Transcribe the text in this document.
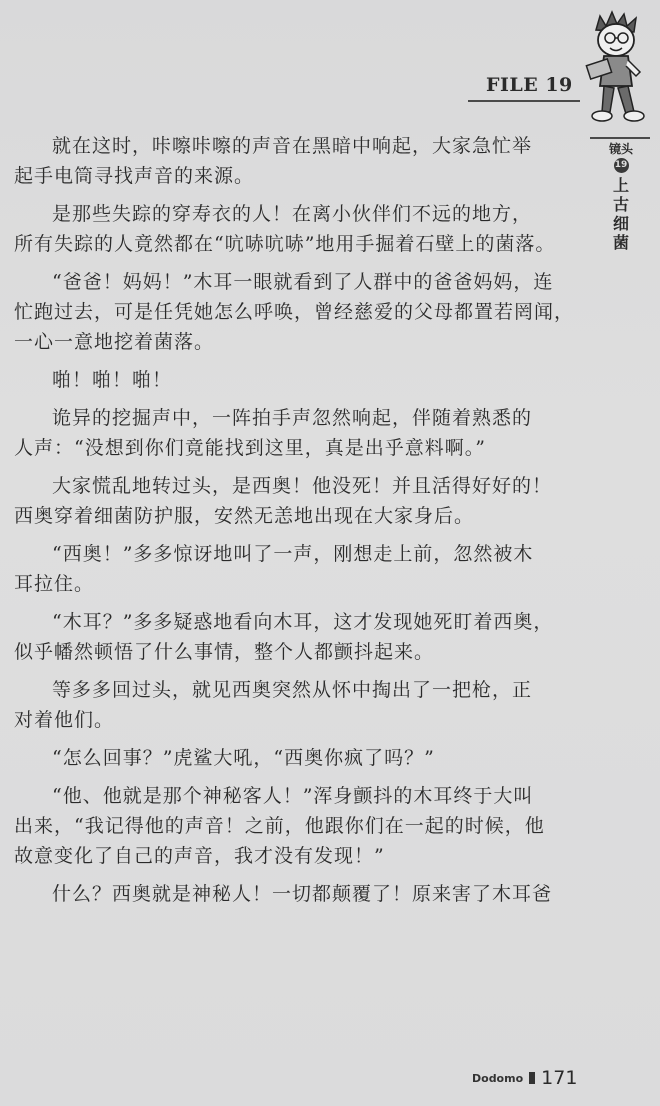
FILE 19
镜头
19
上
古
细
菌

就在这时，咔嚓咔嚓的声音在黑暗中响起，大家急忙举
起手电筒寻找声音的来源。

是那些失踪的穿寿衣的人！在离小伙伴们不远的地方，
所有失踪的人竟然都在“吭哧吭哧”地用手掘着石壁上的菌落。

“爸爸！妈妈！”木耳一眼就看到了人群中的爸爸妈妈，连
忙跑过去，可是任凭她怎么呼唤，曾经慈爱的父母都置若罔闻，
一心一意地挖着菌落。

啪！啪！啪！

诡异的挖掘声中，一阵拍手声忽然响起，伴随着熟悉的
人声：“没想到你们竟能找到这里，真是出乎意料啊。”

大家慌乱地转过头，是西奥！他没死！并且活得好好的！
西奥穿着细菌防护服，安然无恙地出现在大家身后。

“西奥！”多多惊讶地叫了一声，刚想走上前，忽然被木
耳拉住。

“木耳？”多多疑惑地看向木耳，这才发现她死盯着西奥，
似乎幡然顿悟了什么事情，整个人都颤抖起来。

等多多回过头，就见西奥突然从怀中掏出了一把枪，正
对着他们。

“怎么回事？”虎鲨大吼，“西奥你疯了吗？”

“他、他就是那个神秘客人！”浑身颤抖的木耳终于大叫
出来，“我记得他的声音！之前，他跟你们在一起的时候，他
故意变化了自己的声音，我才没有发现！”

什么？西奥就是神秘人！一切都颠覆了！原来害了木耳爸

Dodomo 171
